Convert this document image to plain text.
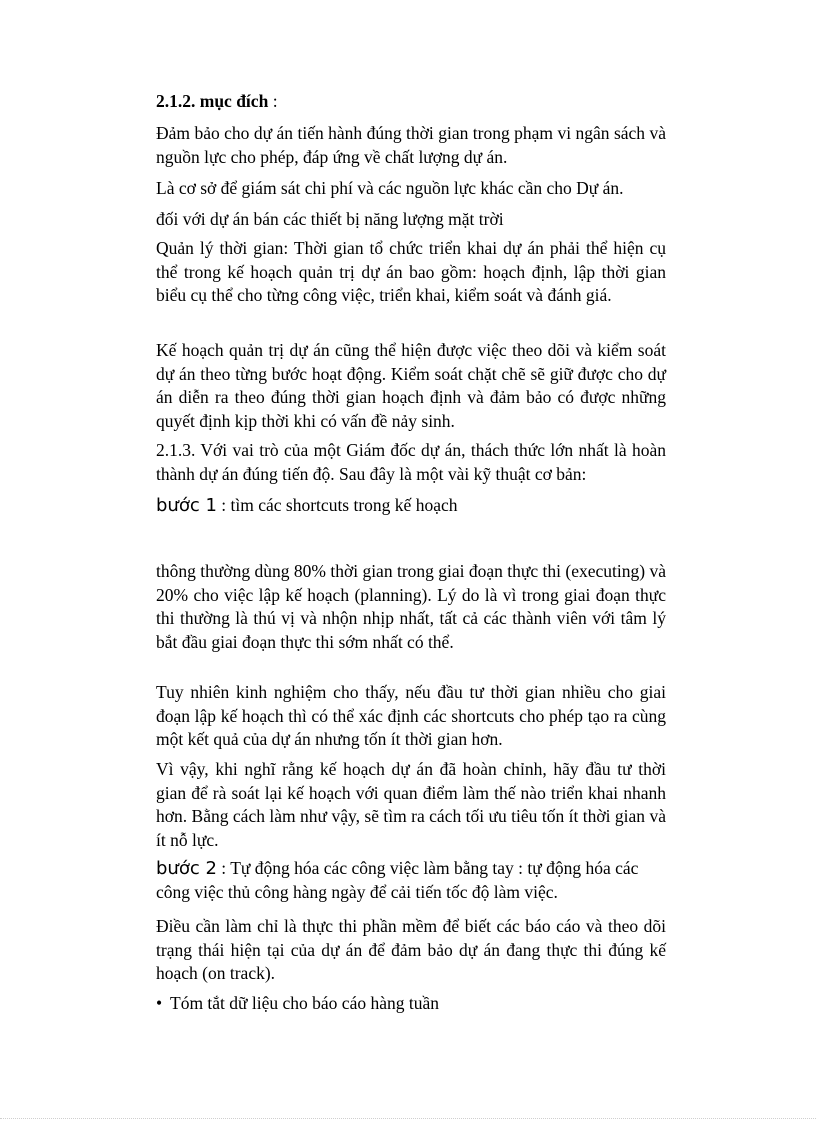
2.1.2. mục đích :

Đảm bảo cho dự án tiến hành đúng thời gian trong phạm vi ngân sách và nguồn lực cho phép, đáp ứng về chất lượng dự án.

Là cơ sở để giám sát chi phí và các nguồn lực khác cần cho Dự án.

đối với dự án bán các thiết bị năng lượng mặt trời

Quản lý thời gian: Thời gian tổ chức triển khai dự án phải thể hiện cụ thể trong kế hoạch quản trị dự án bao gồm: hoạch định, lập thời gian biểu cụ thể cho từng công việc, triển khai, kiểm soát và đánh giá.

Kế hoạch quản trị dự án cũng thể hiện được việc theo dõi và kiểm soát dự án theo từng bước hoạt động. Kiểm soát chặt chẽ sẽ giữ được cho dự án diễn ra theo đúng thời gian hoạch định và đảm bảo có được những quyết định kịp thời khi có vấn đề nảy sinh.

2.1.3. Với vai trò của một Giám đốc dự án, thách thức lớn nhất là hoàn thành dự án đúng tiến độ. Sau đây là một vài kỹ thuật cơ bản:

bước 1 : tìm các shortcuts trong kế hoạch

thông thường dùng 80% thời gian trong giai đoạn thực thi (executing) và 20% cho việc lập kế hoạch (planning). Lý do là vì trong giai đoạn thực thi thường là thú vị và nhộn nhịp nhất, tất cả các thành viên với tâm lý bắt đầu giai đoạn thực thi sớm nhất có thể.

Tuy nhiên kinh nghiệm cho thấy, nếu đầu tư thời gian nhiều cho giai đoạn lập kế hoạch thì có thể xác định các shortcuts cho phép tạo ra cùng một kết quả của dự án nhưng tốn ít thời gian hơn.

Vì vậy, khi nghĩ rằng kế hoạch dự án đã hoàn chỉnh, hãy đầu tư thời gian để rà soát lại kế hoạch với quan điểm làm thế nào triển khai nhanh hơn. Bằng cách làm như vậy, sẽ tìm ra cách tối ưu tiêu tốn ít thời gian và ít nỗ lực.

bước 2 : Tự động hóa các công việc làm bằng tay : tự động hóa các
công việc thủ công hàng ngày để cải tiến tốc độ làm việc.

Điều cần làm chỉ là thực thi phần mềm để biết các báo cáo và theo dõi trạng thái hiện tại của dự án để đảm bảo dự án đang thực thi đúng kế hoạch (on track).

• Tóm tắt dữ liệu cho báo cáo hàng tuần
